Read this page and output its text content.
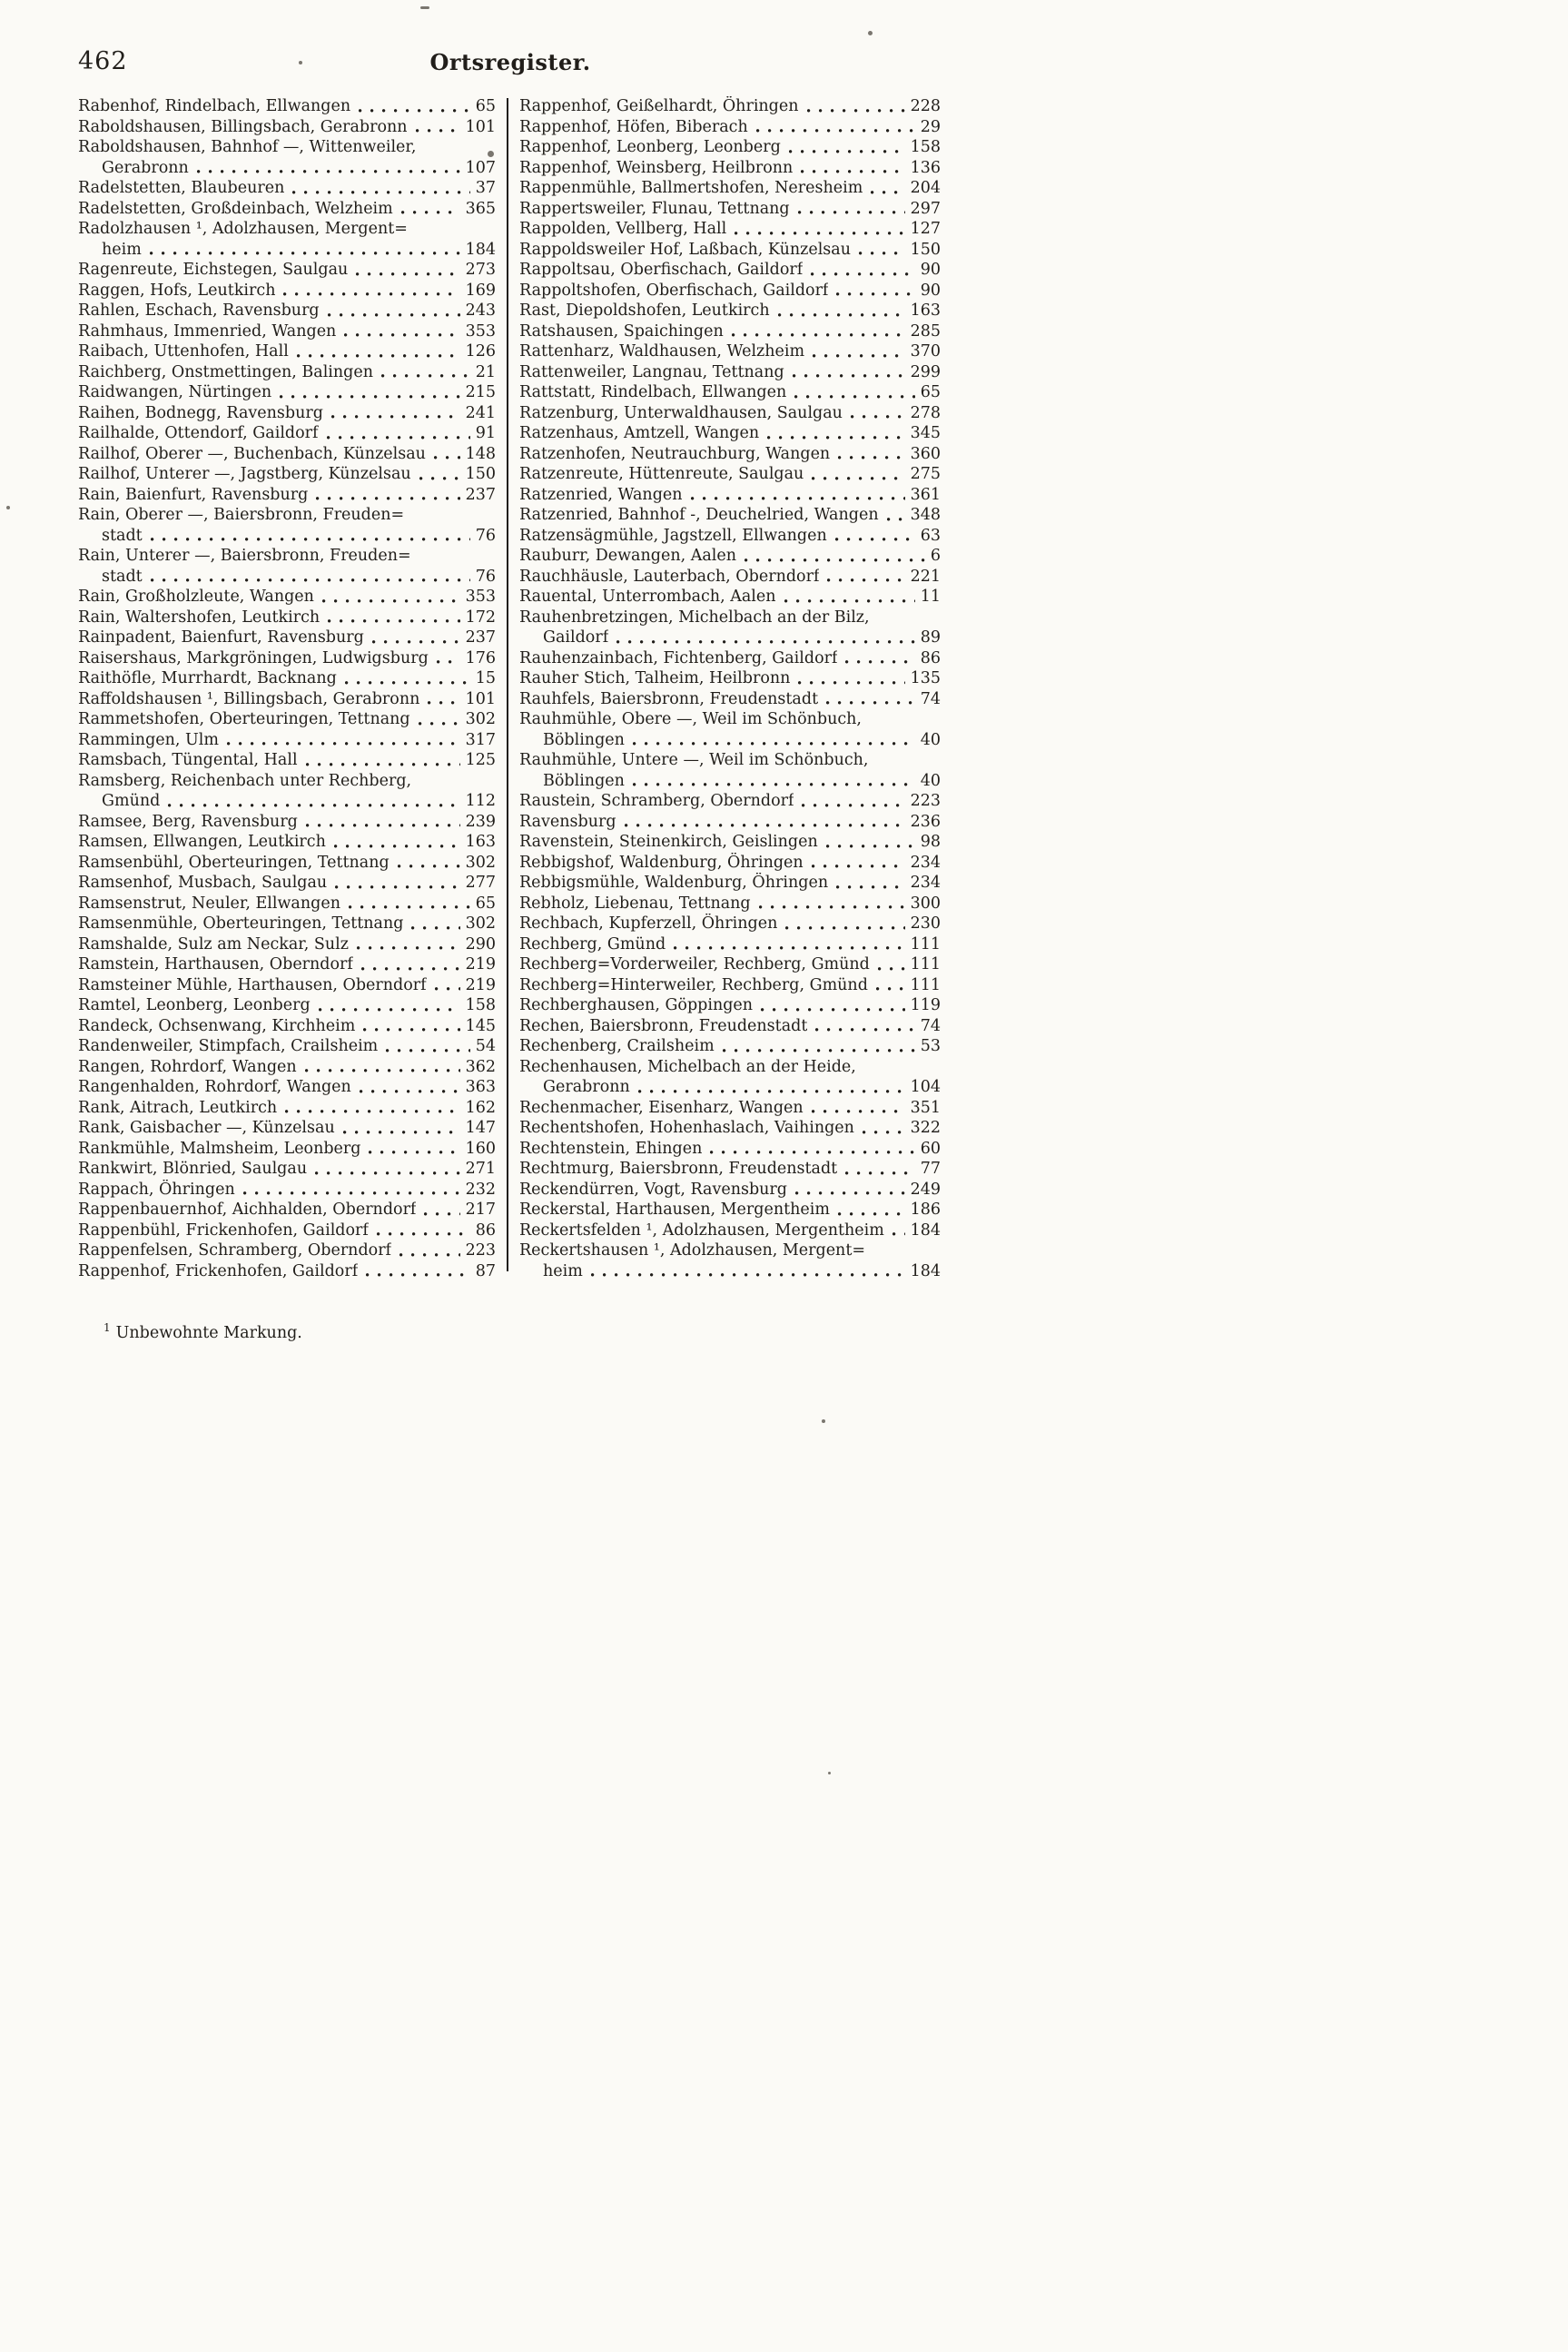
462	Ortsregister.
Rabenhof, Rindelbach, Ellwangen	65
Raboldshausen, Billingsbach, Gerabronn	101
Raboldshausen, Bahnhof —, Wittenweiler,
Gerabronn	107
Radelstetten, Blaubeuren	37
Radelstetten, Großdeinbach, Welzheim	365
Radolzhausen ¹, Adolzhausen, Mergent=
heim	184
Ragenreute, Eichstegen, Saulgau	273
Raggen, Hofs, Leutkirch	169
Rahlen, Eschach, Ravensburg	243
Rahmhaus, Immenried, Wangen	353
Raibach, Uttenhofen, Hall	126
Raichberg, Onstmettingen, Balingen	21
Raidwangen, Nürtingen	215
Raihen, Bodnegg, Ravensburg	241
Railhalde, Ottendorf, Gaildorf	91
Railhof, Oberer —, Buchenbach, Künzelsau 148
Railhof, Unterer —, Jagstberg, Künzelsau	150
Rain, Baienfurt, Ravensburg	237
Rain, Oberer —, Baiersbronn, Freuden=
stadt	76
Rain, Unterer —, Baiersbronn, Freuden=
stadt	76
Rain, Großholzleute, Wangen	353
Rain, Waltershofen, Leutkirch	172
Rainpadent, Baienfurt, Ravensburg	237
Raisershaus, Markgröningen, Ludwigsburg 176
Raithöfle, Murrhardt, Backnang	15
Raffoldshausen ¹, Billingsbach, Gerabronn	101
Rammetshofen, Oberteuringen, Tettnang	302
Rammingen, Ulm	317
Ramsbach, Tüngental, Hall	125
Ramsberg, Reichenbach unter Rechberg,
Gmünd	112
Ramsee, Berg, Ravensburg	239
Ramsen, Ellwangen, Leutkirch	163
Ramsenbühl, Oberteuringen, Tettnang	302
Ramsenhof, Musbach, Saulgau	277
Ramsenstrut, Neuler, Ellwangen	65
Ramsenmühle, Oberteuringen, Tettnang	302
Ramshalde, Sulz am Neckar, Sulz	290
Ramstein, Harthausen, Oberndorf	219
Ramsteiner Mühle, Harthausen, Oberndorf 219
Ramtel, Leonberg, Leonberg	158
Randeck, Ochsenwang, Kirchheim	145
Randenweiler, Stimpfach, Crailsheim	54
Rangen, Rohrdorf, Wangen	362
Rangenhalden, Rohrdorf, Wangen	363
Rank, Aitrach, Leutkirch	162
Rank, Gaisbacher —, Künzelsau	147
Rankmühle, Malmsheim, Leonberg	160
Rankwirt, Blönried, Saulgau	271
Rappach, Öhringen	232
Rappenbauernhof, Aichhalden, Oberndorf	217
Rappenbühl, Frickenhofen, Gaildorf	86
Rappenfelsen, Schramberg, Oberndorf	223
Rappenhof, Frickenhofen, Gaildorf	87
Rappenhof, Geißelhardt, Öhringen	228
Rappenhof, Höfen, Biberach	29
Rappenhof, Leonberg, Leonberg	158
Rappenhof, Weinsberg, Heilbronn	136
Rappenmühle, Ballmertshofen, Neresheim	204
Rappertsweiler, Flunau, Tettnang	297
Rappolden, Vellberg, Hall	127
Rappoldsweiler Hof, Laßbach, Künzelsau	150
Rappoltsau, Oberfischach, Gaildorf	90
Rappoltshofen, Oberfischach, Gaildorf	90
Rast, Diepoldshofen, Leutkirch	163
Ratshausen, Spaichingen	285
Rattenharz, Waldhausen, Welzheim	370
Rattenweiler, Langnau, Tettnang	299
Rattstatt, Rindelbach, Ellwangen	65
Ratzenburg, Unterwaldhausen, Saulgau	278
Ratzenhaus, Amtzell, Wangen	345
Ratzenhofen, Neutrauchburg, Wangen	360
Ratzenreute, Hüttenreute, Saulgau	275
Ratzenried, Wangen	361
Ratzenried, Bahnhof -, Deuchelried, Wangen 348
Ratzensägmühle, Jagstzell, Ellwangen	63
Rauburr, Dewangen, Aalen	6
Rauchhäusle, Lauterbach, Oberndorf	221
Rauental, Unterrombach, Aalen	11
Rauhenbretzingen, Michelbach an der Bilz,
Gaildorf	89
Rauhenzainbach, Fichtenberg, Gaildorf	86
Rauher Stich, Talheim, Heilbronn	135
Rauhfels, Baiersbronn, Freudenstadt	74
Rauhmühle, Obere —, Weil im Schönbuch,
Böblingen	40
Rauhmühle, Untere —, Weil im Schönbuch,
Böblingen	40
Raustein, Schramberg, Oberndorf	223
Ravensburg	236
Ravenstein, Steinenkirch, Geislingen	98
Rebbigshof, Waldenburg, Öhringen	234
Rebbigsmühle, Waldenburg, Öhringen	234
Rebholz, Liebenau, Tettnang	300
Rechbach, Kupferzell, Öhringen	230
Rechberg, Gmünd	111
Rechberg=Vorderweiler, Rechberg, Gmünd	111
Rechberg=Hinterweiler, Rechberg, Gmünd	111
Rechberghausen, Göppingen	119
Rechen, Baiersbronn, Freudenstadt	74
Rechenberg, Crailsheim	53
Rechenhausen, Michelbach an der Heide,
Gerabronn	104
Rechenmacher, Eisenharz, Wangen	351
Rechentshofen, Hohenhaslach, Vaihingen	322
Rechtenstein, Ehingen	60
Rechtmurg, Baiersbronn, Freudenstadt	77
Reckendürren, Vogt, Ravensburg	249
Reckerstal, Harthausen, Mergentheim	186
Reckertsfelden ¹, Adolzhausen, Mergentheim 184
Reckertshausen ¹, Adolzhausen, Mergent=
heim	184
$^1$ Unbewohnte Markung.
